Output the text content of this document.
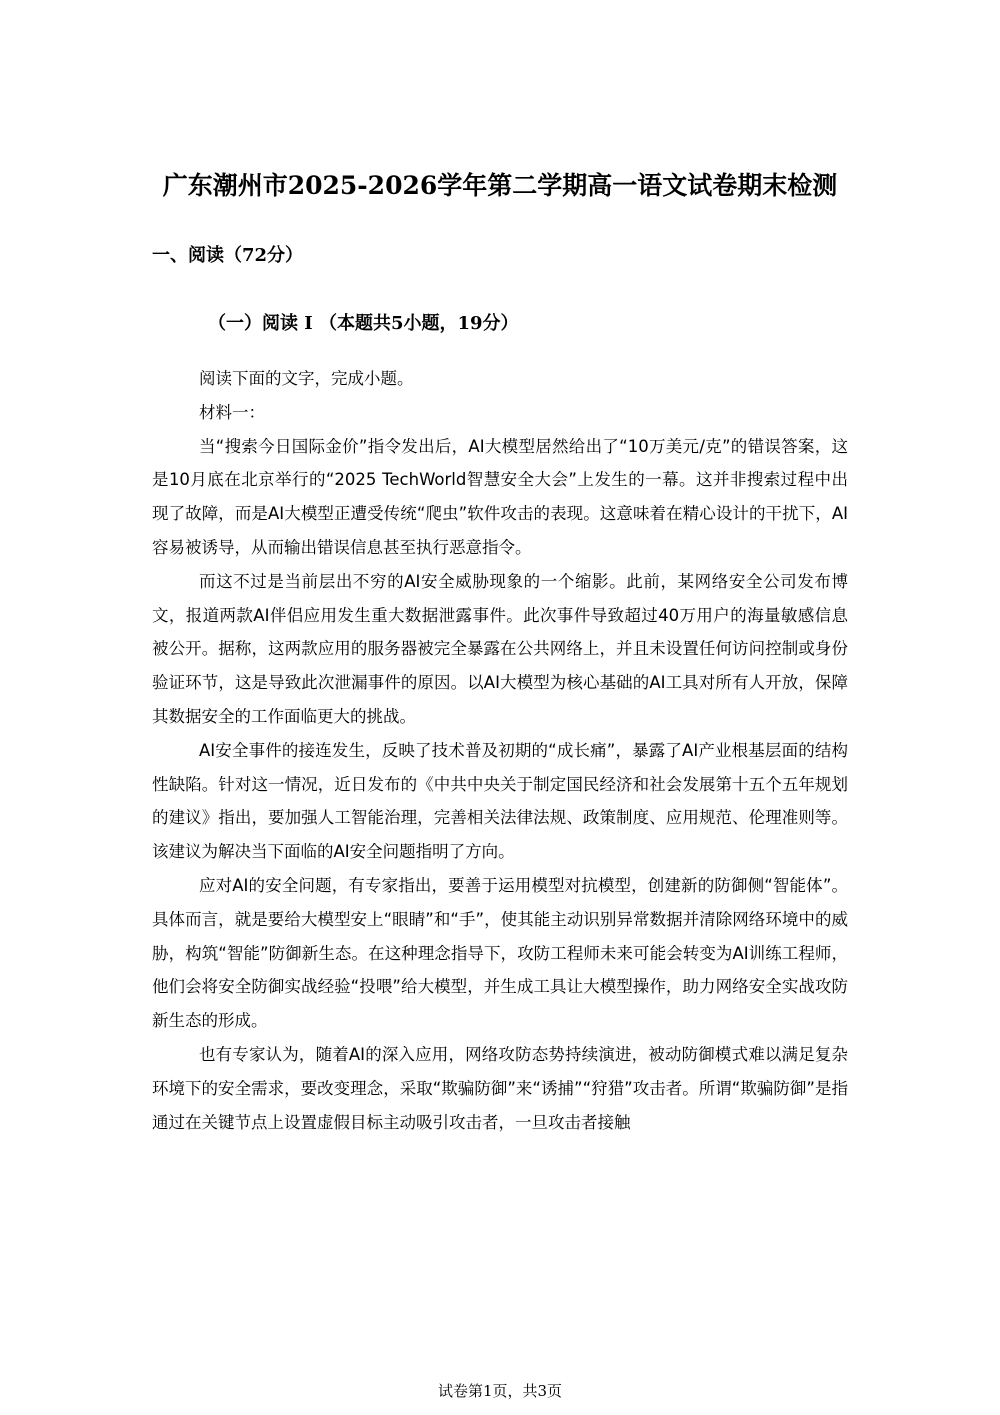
广东潮州市2025-2026学年第二学期高一语文试卷期末检测
一、阅读（72分）
（一）阅读 I （本题共5小题，19分）

阅读下面的文字，完成小题。

材料一：

当“搜索今日国际金价”指令发出后，AI大模型居然给出了“10万美元/克”的错误答案，这是10月底在北京举行的“2025 TechWorld智慧安全大会”上发生的一幕。这并非搜索过程中出现了故障，而是AI大模型正遭受传统“爬虫”软件攻击的表现。这意味着在精心设计的干扰下，AI容易被诱导，从而输出错误信息甚至执行恶意指令。

而这不过是当前层出不穷的AI安全威胁现象的一个缩影。此前，某网络安全公司发布博文，报道两款AI伴侣应用发生重大数据泄露事件。此次事件导致超过40万用户的海量敏感信息被公开。据称，这两款应用的服务器被完全暴露在公共网络上，并且未设置任何访问控制或身份验证环节，这是导致此次泄漏事件的原因。以AI大模型为核心基础的AI工具对所有人开放，保障其数据安全的工作面临更大的挑战。

AI安全事件的接连发生，反映了技术普及初期的“成长痛”，暴露了AI产业根基层面的结构性缺陷。针对这一情况，近日发布的《中共中央关于制定国民经济和社会发展第十五个五年规划的建议》指出，要加强人工智能治理，完善相关法律法规、政策制度、应用规范、伦理准则等。该建议为解决当下面临的AI安全问题指明了方向。

应对AI的安全问题，有专家指出，要善于运用模型对抗模型，创建新的防御侧“智能体”。具体而言，就是要给大模型安上“眼睛”和“手”，使其能主动识别异常数据并清除网络环境中的威胁，构筑“智能”防御新生态。在这种理念指导下，攻防工程师未来可能会转变为AI训练工程师，他们会将安全防御实战经验“投喂”给大模型，并生成工具让大模型操作，助力网络安全实战攻防新生态的形成。

也有专家认为，随着AI的深入应用，网络攻防态势持续演进，被动防御模式难以满足复杂环境下的安全需求，要改变理念，采取“欺骗防御”来“诱捕”“狩猎”攻击者。所谓“欺骗防御”是指通过在关键节点上设置虚假目标主动吸引攻击者，一旦攻击者接触

试卷第1页，共3页
